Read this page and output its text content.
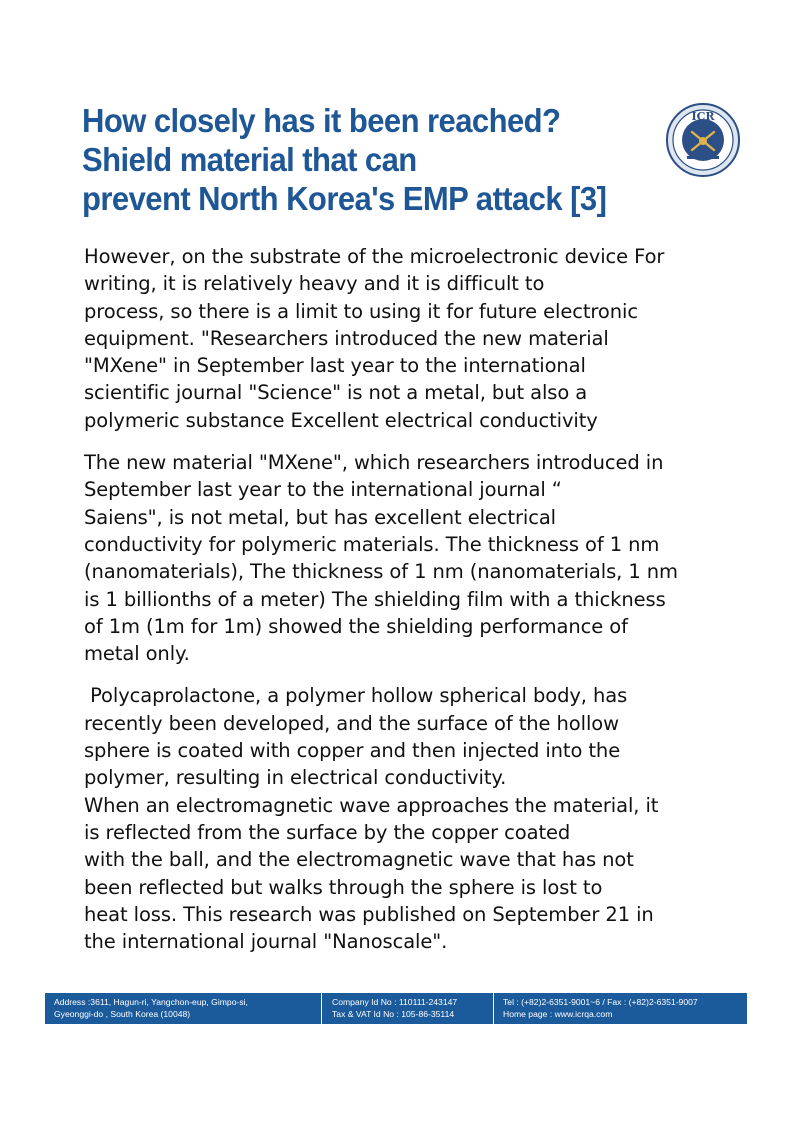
How closely has it been reached?
Shield material that can
prevent North Korea's EMP attack [3]
ICR
However, on the substrate of the microelectronic device For
writing, it is relatively heavy and it is difficult to
process, so there is a limit to using it for future electronic
equipment. "Researchers introduced the new material
"MXene" in September last year to the international
scientific journal "Science" is not a metal, but also a
polymeric substance Excellent electrical conductivity
The new material "MXene", which researchers introduced in
September last year to the international journal “
Saiens", is not metal, but has excellent electrical
conductivity for polymeric materials. The thickness of 1 nm
(nanomaterials), The thickness of 1 nm (nanomaterials, 1 nm
is 1 billionths of a meter) The shielding film with a thickness
of 1m (1m for 1m) showed the shielding performance of
metal only.
Polycaprolactone, a polymer hollow spherical body, has
recently been developed, and the surface of the hollow
sphere is coated with copper and then injected into the
polymer, resulting in electrical conductivity.
When an electromagnetic wave approaches the material, it
is reflected from the surface by the copper coated
with the ball, and the electromagnetic wave that has not
been reflected but walks through the sphere is lost to
heat loss. This research was published on September 21 in
the international journal "Nanoscale".
Address :3611, Hagun-ri, Yangchon-eup, Gimpo-si,
Gyeonggi-do , South Korea (10048)
Company Id No : 110111-243147
Tax & VAT Id No : 105-86-35114
Tel : (+82)2-6351-9001~6 / Fax : (+82)2-6351-9007
Home page : www.icrqa.com
